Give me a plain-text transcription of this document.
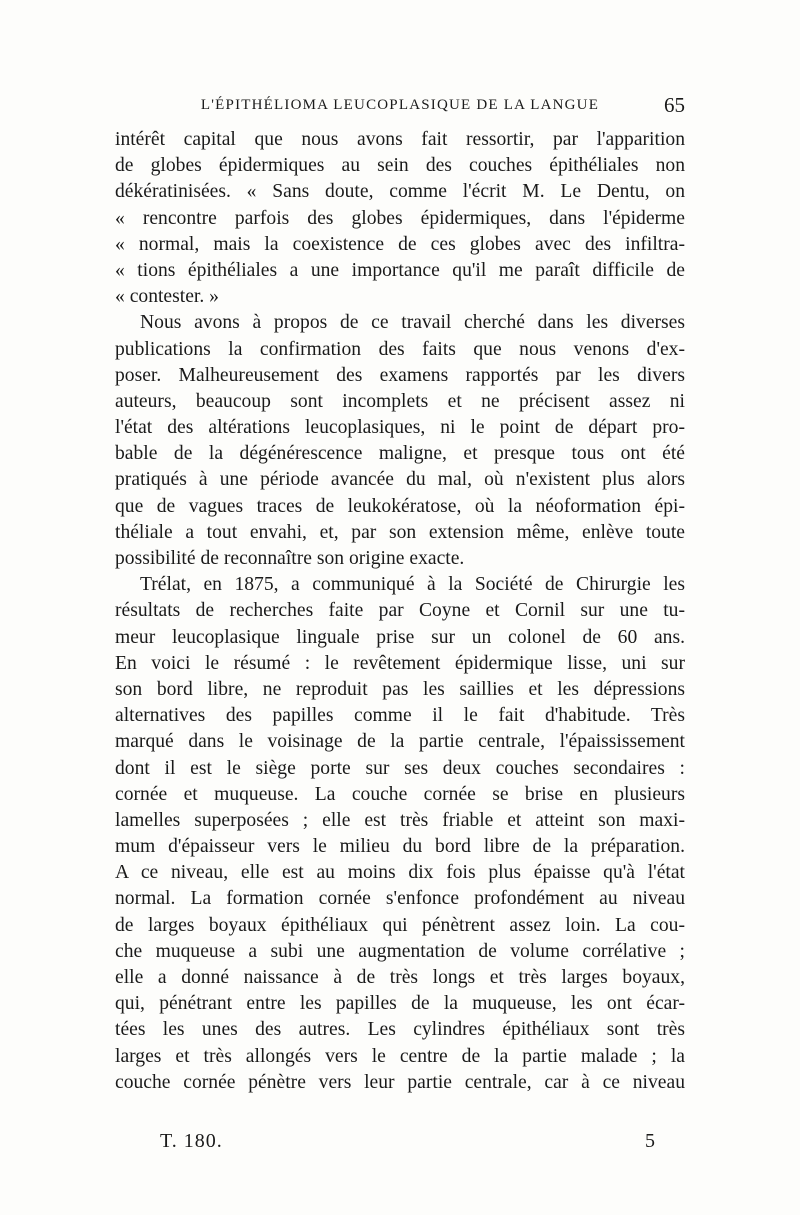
L'ÉPITHÉLIOMA LEUCOPLASIQUE DE LA LANGUE	65
intérêt capital que nous avons fait ressortir, par l'apparition
de globes épidermiques au sein des couches épithéliales non
dékératinisées. « Sans doute, comme l'écrit M. Le Dentu, on
« rencontre parfois des globes épidermiques, dans l'épiderme
« normal, mais la coexistence de ces globes avec des infiltra-
« tions épithéliales a une importance qu'il me paraît difficile de
« contester. »
Nous avons à propos de ce travail cherché dans les diverses
publications la confirmation des faits que nous venons d'ex-
poser. Malheureusement des examens rapportés par les divers
auteurs, beaucoup sont incomplets et ne précisent assez ni
l'état des altérations leucoplasiques, ni le point de départ pro-
bable de la dégénérescence maligne, et presque tous ont été
pratiqués à une période avancée du mal, où n'existent plus alors
que de vagues traces de leukokératose, où la néoformation épi-
théliale a tout envahi, et, par son extension même, enlève toute
possibilité de reconnaître son origine exacte.
Trélat, en 1875, a communiqué à la Société de Chirurgie les
résultats de recherches faite par Coyne et Cornil sur une tu-
meur leucoplasique linguale prise sur un colonel de 60 ans.
En voici le résumé : le revêtement épidermique lisse, uni sur
son bord libre, ne reproduit pas les saillies et les dépressions
alternatives des papilles comme il le fait d'habitude. Très
marqué dans le voisinage de la partie centrale, l'épaississement
dont il est le siège porte sur ses deux couches secondaires :
cornée et muqueuse. La couche cornée se brise en plusieurs
lamelles superposées ; elle est très friable et atteint son maxi-
mum d'épaisseur vers le milieu du bord libre de la préparation.
A ce niveau, elle est au moins dix fois plus épaisse qu'à l'état
normal. La formation cornée s'enfonce profondément au niveau
de larges boyaux épithéliaux qui pénètrent assez loin. La cou-
che muqueuse a subi une augmentation de volume corrélative ;
elle a donné naissance à de très longs et très larges boyaux,
qui, pénétrant entre les papilles de la muqueuse, les ont écar-
tées les unes des autres. Les cylindres épithéliaux sont très
larges et très allongés vers le centre de la partie malade ; la
couche cornée pénètre vers leur partie centrale, car à ce niveau
T. 180.	5
